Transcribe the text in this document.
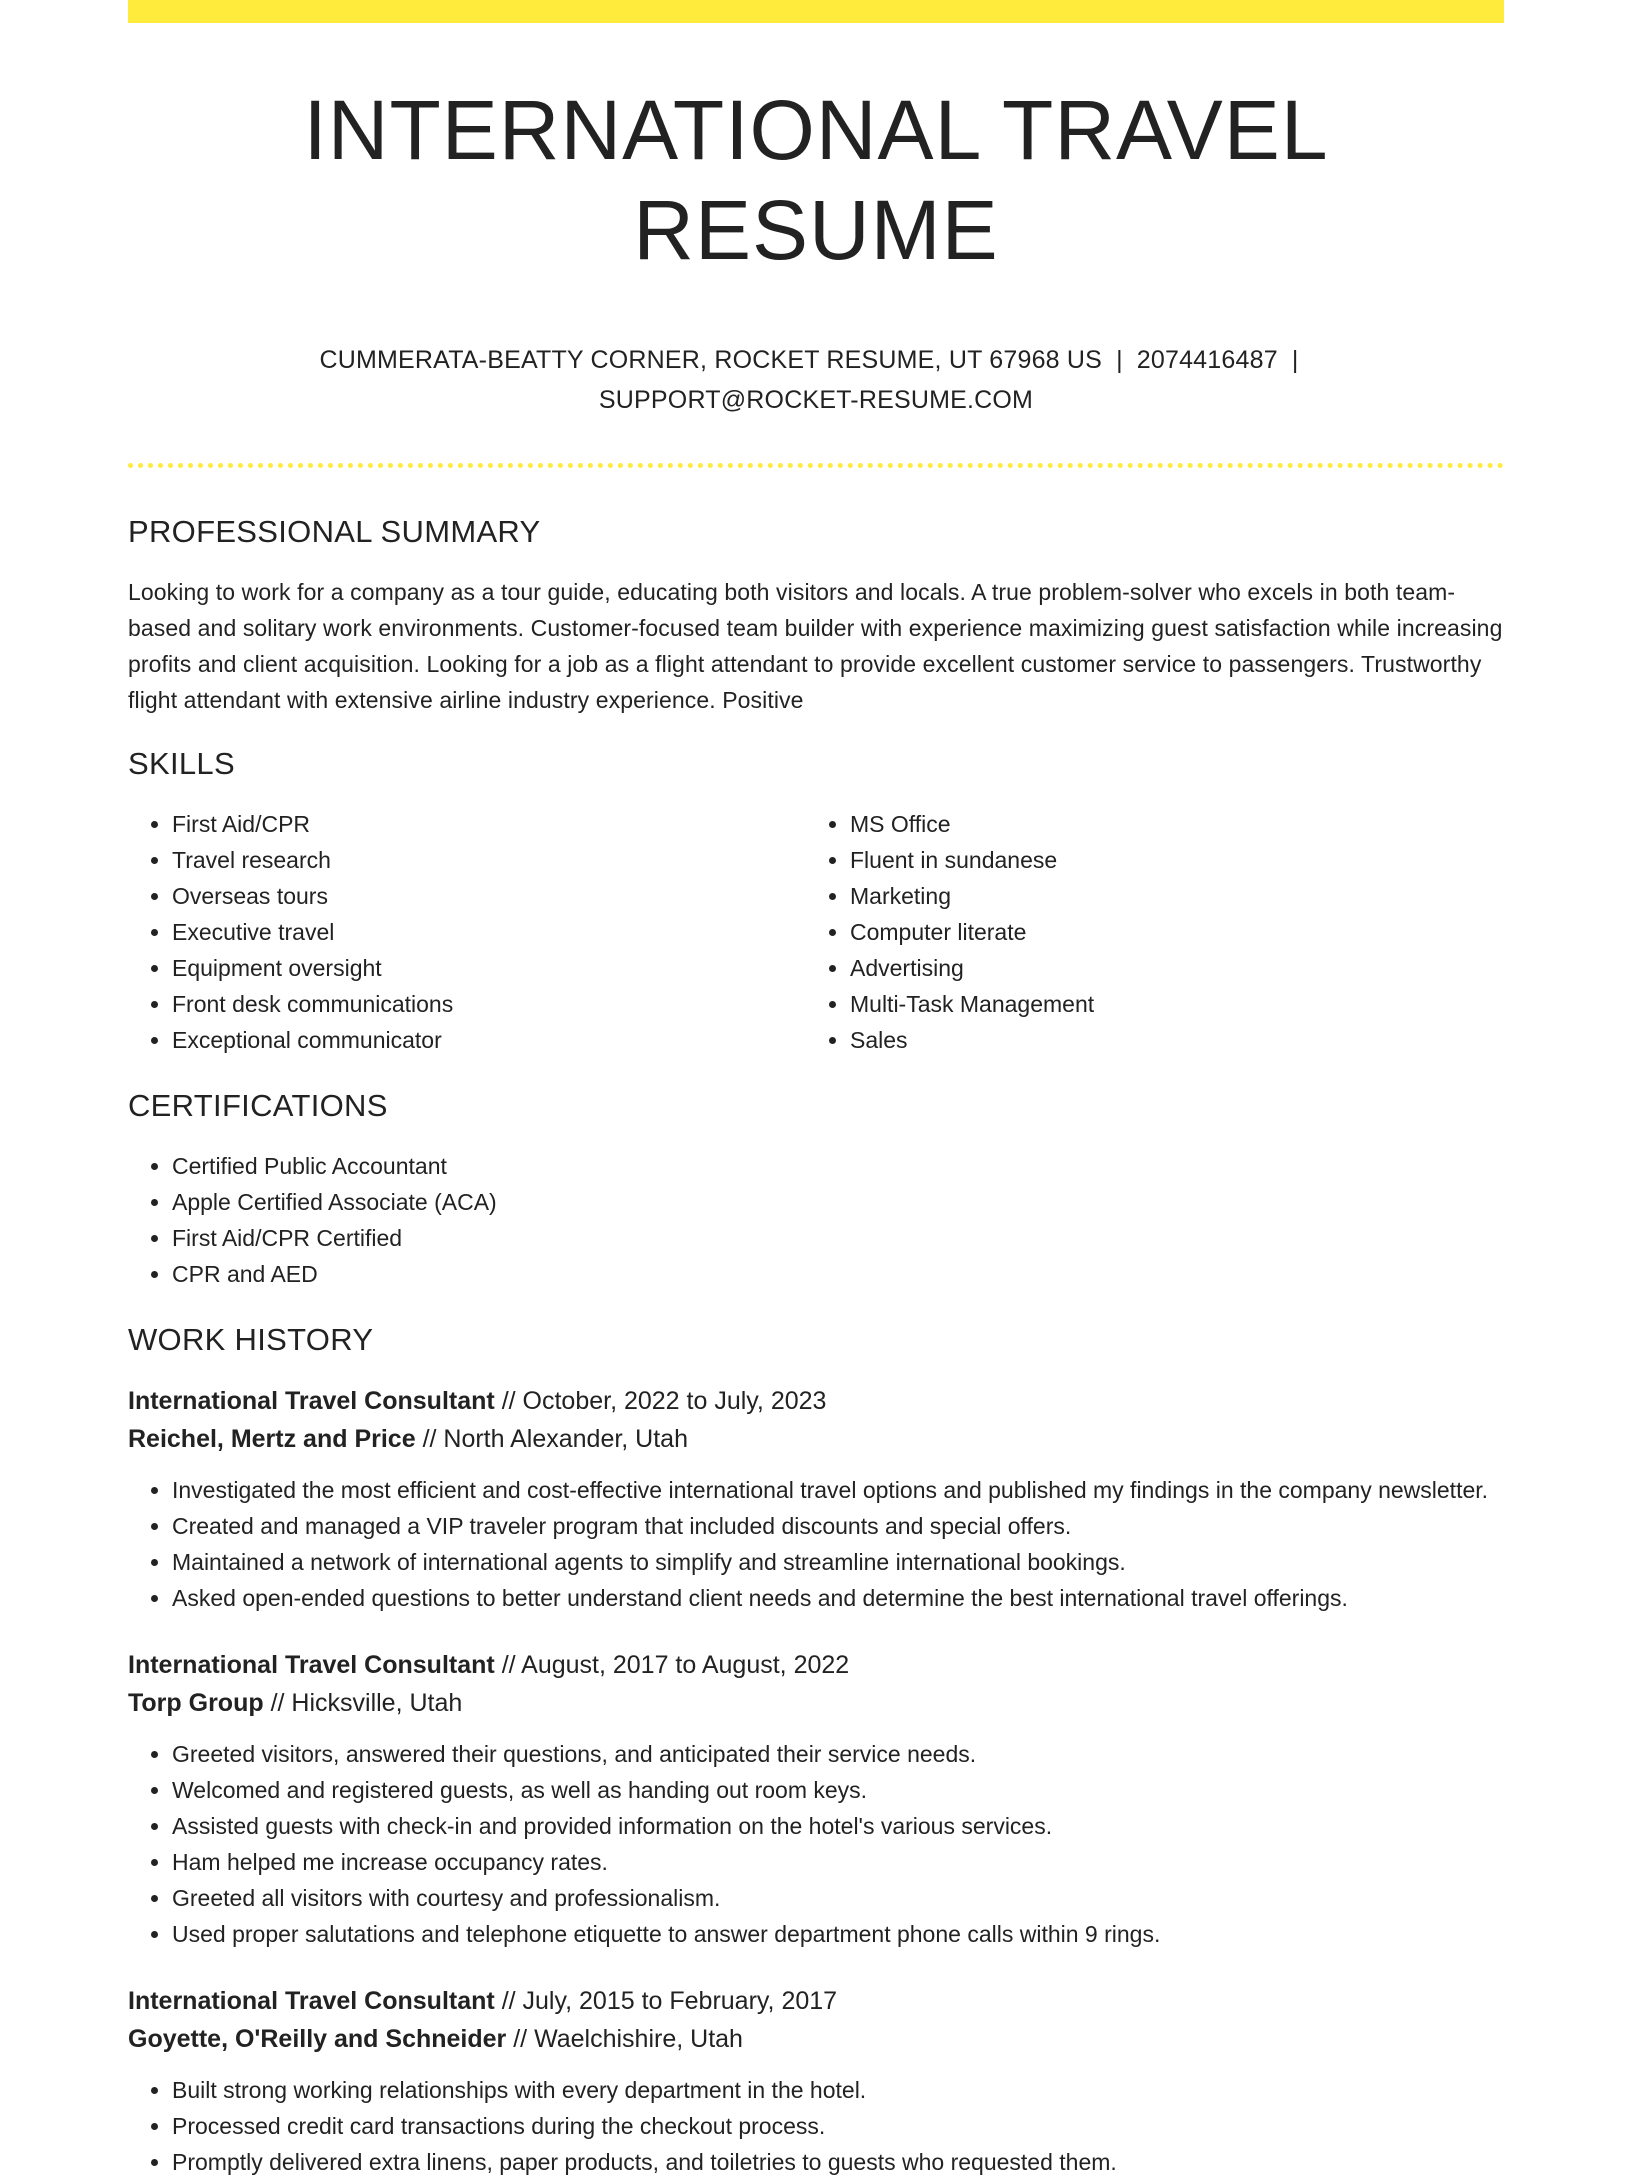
INTERNATIONAL TRAVEL RESUME
CUMMERATA-BEATTY CORNER, ROCKET RESUME, UT 67968 US | 2074416487 |
SUPPORT@ROCKET-RESUME.COM
PROFESSIONAL SUMMARY
Looking to work for a company as a tour guide, educating both visitors and locals. A true problem-solver who excels in both team-based and solitary work environments. Customer-focused team builder with experience maximizing guest satisfaction while increasing profits and client acquisition. Looking for a job as a flight attendant to provide excellent customer service to passengers. Trustworthy flight attendant with extensive airline industry experience. Positive
SKILLS
• First Aid/CPR
• Travel research
• Overseas tours
• Executive travel
• Equipment oversight
• Front desk communications
• Exceptional communicator
• MS Office
• Fluent in sundanese
• Marketing
• Computer literate
• Advertising
• Multi-Task Management
• Sales
CERTIFICATIONS
• Certified Public Accountant
• Apple Certified Associate (ACA)
• First Aid/CPR Certified
• CPR and AED
WORK HISTORY
International Travel Consultant // October, 2022 to July, 2023
Reichel, Mertz and Price // North Alexander, Utah
• Investigated the most efficient and cost-effective international travel options and published my findings in the company newsletter.
• Created and managed a VIP traveler program that included discounts and special offers.
• Maintained a network of international agents to simplify and streamline international bookings.
• Asked open-ended questions to better understand client needs and determine the best international travel offerings.
International Travel Consultant // August, 2017 to August, 2022
Torp Group // Hicksville, Utah
• Greeted visitors, answered their questions, and anticipated their service needs.
• Welcomed and registered guests, as well as handing out room keys.
• Assisted guests with check-in and provided information on the hotel's various services.
• Ham helped me increase occupancy rates.
• Greeted all visitors with courtesy and professionalism.
• Used proper salutations and telephone etiquette to answer department phone calls within 9 rings.
International Travel Consultant // July, 2015 to February, 2017
Goyette, O'Reilly and Schneider // Waelchishire, Utah
• Built strong working relationships with every department in the hotel.
• Processed credit card transactions during the checkout process.
• Promptly delivered extra linens, paper products, and toiletries to guests who requested them.
